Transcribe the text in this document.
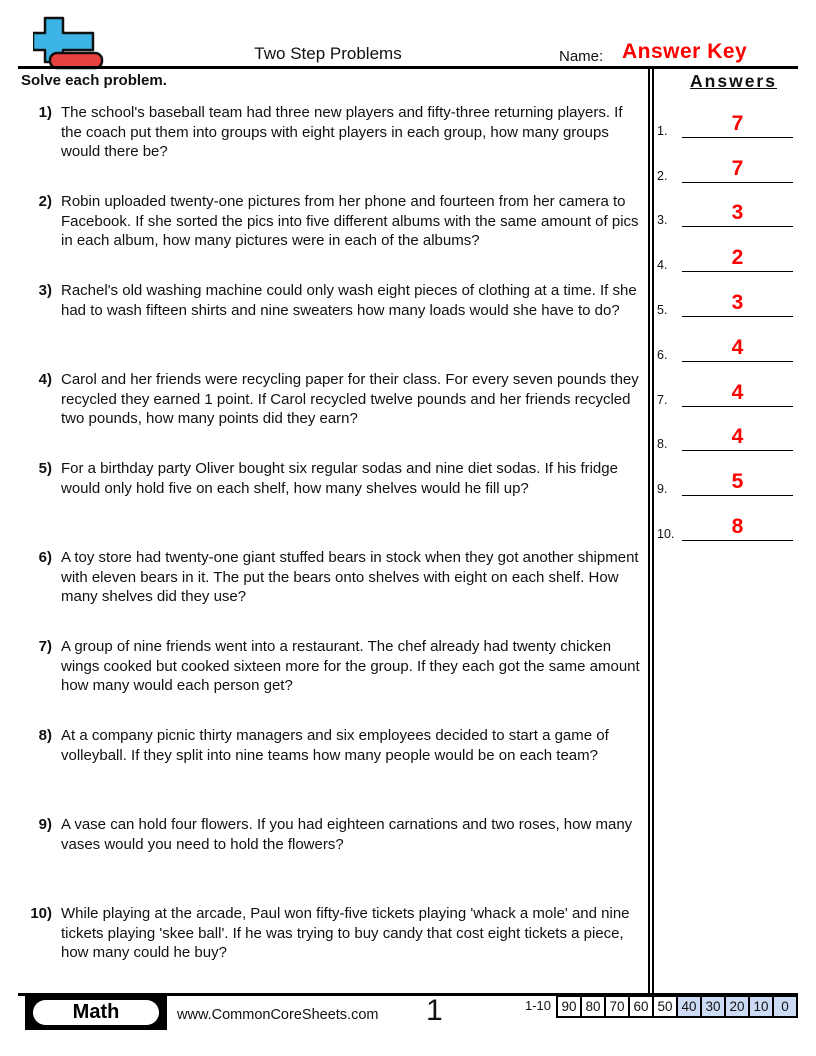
Two Step Problems	Name: Answer Key
Solve each problem.
1) The school's baseball team had three new players and fifty-three returning players. If the coach put them into groups with eight players in each group, how many groups would there be?
2) Robin uploaded twenty-one pictures from her phone and fourteen from her camera to Facebook. If she sorted the pics into five different albums with the same amount of pics in each album, how many pictures were in each of the albums?
3) Rachel's old washing machine could only wash eight pieces of clothing at a time. If she had to wash fifteen shirts and nine sweaters how many loads would she have to do?
4) Carol and her friends were recycling paper for their class. For every seven pounds they recycled they earned 1 point. If Carol recycled twelve pounds and her friends recycled two pounds, how many points did they earn?
5) For a birthday party Oliver bought six regular sodas and nine diet sodas. If his fridge would only hold five on each shelf, how many shelves would he fill up?
6) A toy store had twenty-one giant stuffed bears in stock when they got another shipment with eleven bears in it. The put the bears onto shelves with eight on each shelf. How many shelves did they use?
7) A group of nine friends went into a restaurant. The chef already had twenty chicken wings cooked but cooked sixteen more for the group. If they each got the same amount how many would each person get?
8) At a company picnic thirty managers and six employees decided to start a game of volleyball. If they split into nine teams how many people would be on each team?
9) A vase can hold four flowers. If you had eighteen carnations and two roses, how many vases would you need to hold the flowers?
10) While playing at the arcade, Paul won fifty-five tickets playing 'whack a mole' and nine tickets playing 'skee ball'. If he was trying to buy candy that cost eight tickets a piece, how many could he buy?
Answers
1.	7
2.	7
3.	3
4.	2
5.	3
6.	4
7.	4
8.	4
9.	5
10.	8
Math	www.CommonCoreSheets.com 1	1-10 90 80 70 60 50 40 30 20 10 0
